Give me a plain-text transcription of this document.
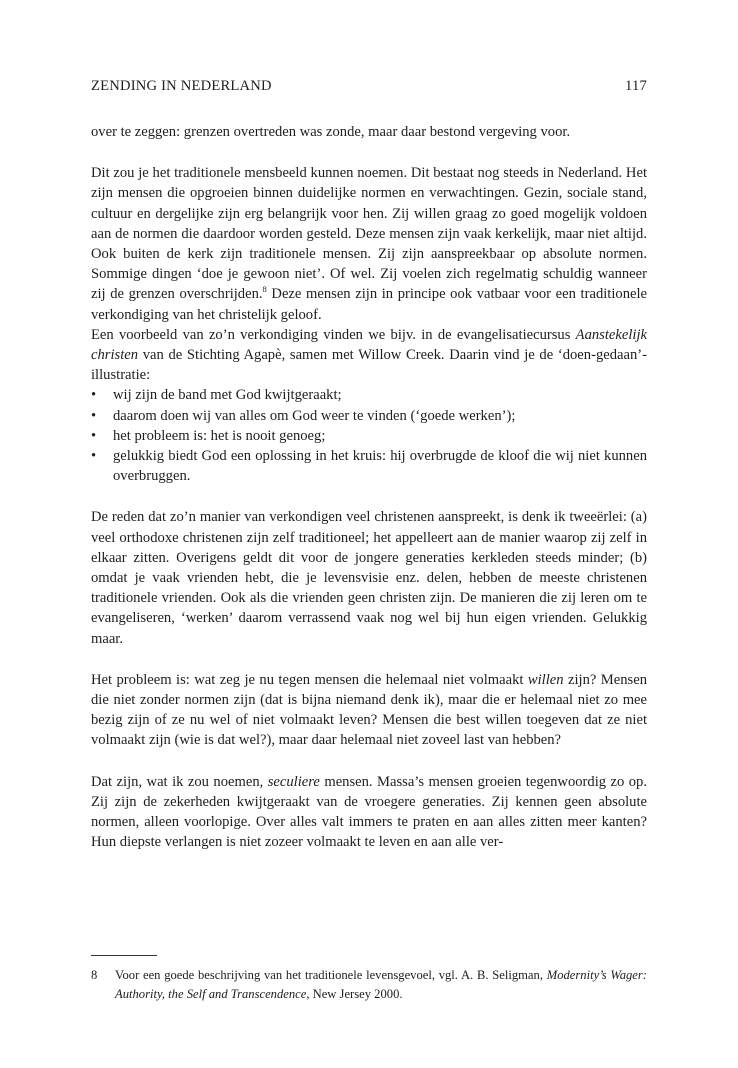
ZENDING IN NEDERLAND	117

over te zeggen: grenzen overtreden was zonde, maar daar bestond vergeving voor.

Dit zou je het traditionele mensbeeld kunnen noemen. Dit bestaat nog steeds in Nederland. Het zijn mensen die opgroeien binnen duidelijke normen en verwachtingen. Gezin, sociale stand, cultuur en dergelijke zijn erg belangrijk voor hen. Zij willen graag zo goed mogelijk voldoen aan de normen die daardoor worden gesteld. Deze mensen zijn vaak kerkelijk, maar niet altijd. Ook buiten de kerk zijn traditionele mensen. Zij zijn aanspreekbaar op absolute normen. Sommige dingen ‘doe je gewoon niet’. Of wel. Zij voelen zich regelmatig schuldig wanneer zij de grenzen overschrijden.$^8$ Deze mensen zijn in principe ook vatbaar voor een traditionele verkondiging van het christelijk geloof.

Een voorbeeld van zo’n verkondiging vinden we bijv. in de evangelisatiecursus Aanstekelijk christen van de Stichting Agapè, samen met Willow Creek. Daarin vind je de ‘doen-gedaan’-illustratie:

• wij zijn de band met God kwijtgeraakt;
• daarom doen wij van alles om God weer te vinden (‘goede werken’);
• het probleem is: het is nooit genoeg;
• gelukkig biedt God een oplossing in het kruis: hij overbrugde de kloof die wij niet kunnen overbruggen.

De reden dat zo’n manier van verkondigen veel christenen aanspreekt, is denk ik tweeërlei: (a) veel orthodoxe christenen zijn zelf traditioneel; het appelleert aan de manier waarop zij zelf in elkaar zitten. Overigens geldt dit voor de jongere generaties kerkleden steeds minder; (b) omdat je vaak vrienden hebt, die je levensvisie enz. delen, hebben de meeste christenen traditionele vrienden. Ook als die vrienden geen christen zijn. De manieren die zij leren om te evangeliseren, ‘werken’ daarom verrassend vaak nog wel bij hun eigen vrienden. Gelukkig maar.

Het probleem is: wat zeg je nu tegen mensen die helemaal niet volmaakt willen zijn? Mensen die niet zonder normen zijn (dat is bijna niemand denk ik), maar die er helemaal niet zo mee bezig zijn of ze nu wel of niet volmaakt leven? Mensen die best willen toegeven dat ze niet volmaakt zijn (wie is dat wel?), maar daar helemaal niet zoveel last van hebben?

Dat zijn, wat ik zou noemen, seculiere mensen. Massa’s mensen groeien tegenwoordig zo op. Zij zijn de zekerheden kwijtgeraakt van de vroegere generaties. Zij kennen geen absolute normen, alleen voorlopige. Over alles valt immers te praten en aan alles zitten meer kanten? Hun diepste verlangen is niet zozeer volmaakt te leven en aan alle ver-

8 Voor een goede beschrijving van het traditionele levensgevoel, vgl. A. B. Seligman, Modernity’s Wager: Authority, the Self and Transcendence, New Jersey 2000.
